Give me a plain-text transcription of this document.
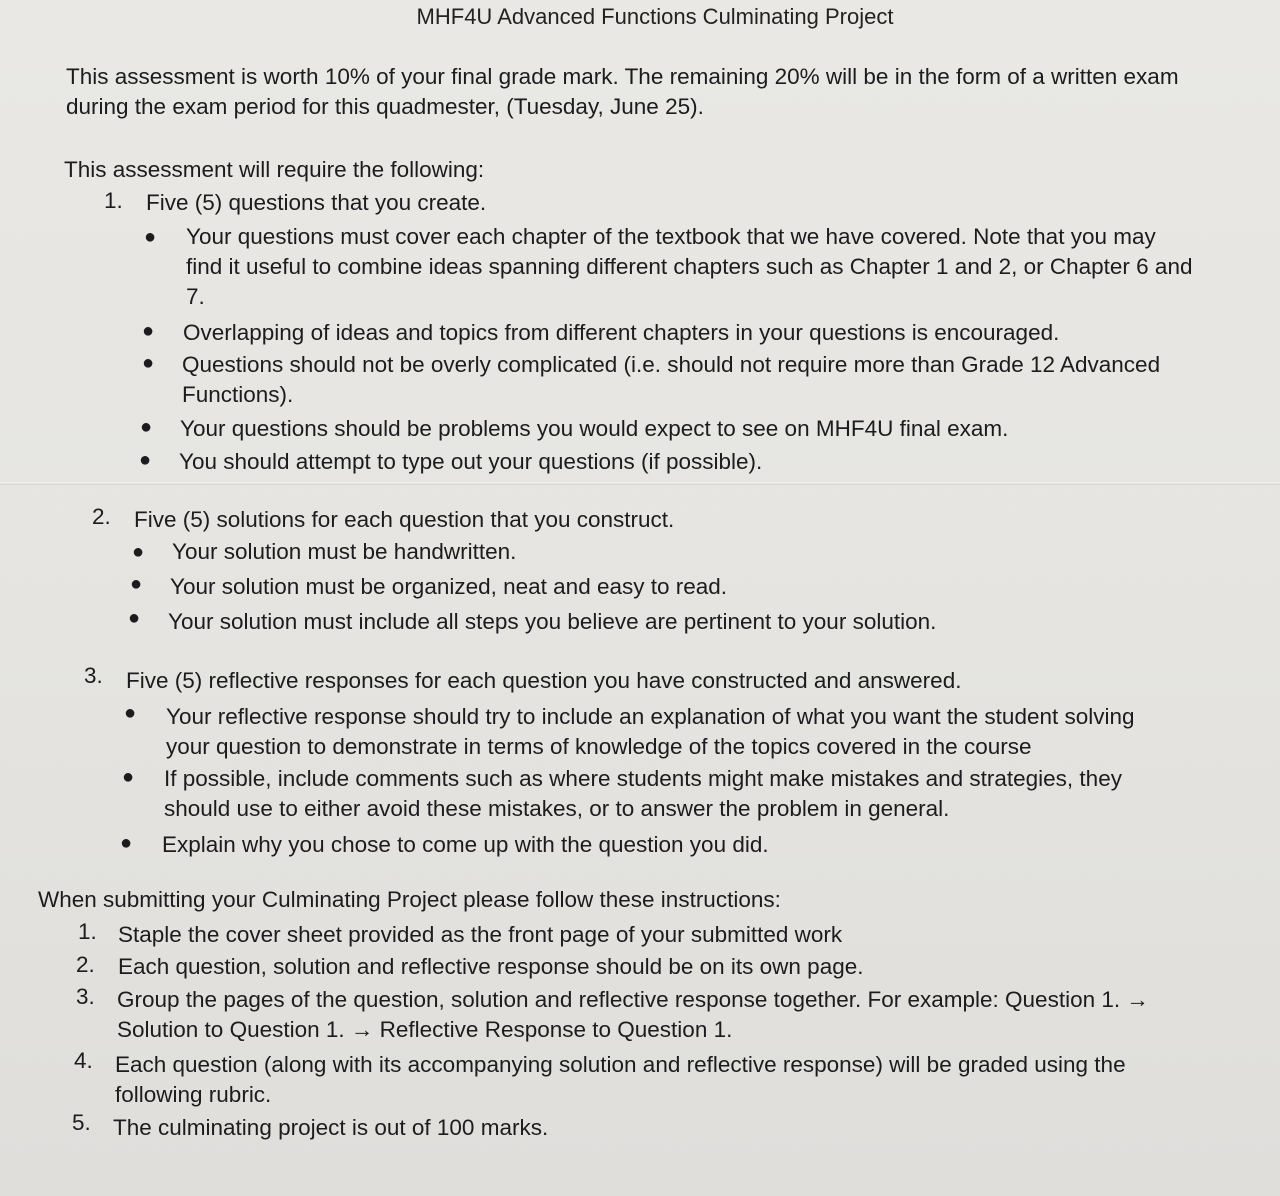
MHF4U Advanced Functions Culminating Project
This assessment is worth 10% of your final grade mark. The remaining 20% will be in the form of a written exam
during the exam period for this quadmester, (Tuesday, June 25).
This assessment will require the following:
1. Five (5) questions that you create.
● Your questions must cover each chapter of the textbook that we have covered. Note that you may
find it useful to combine ideas spanning different chapters such as Chapter 1 and 2, or Chapter 6 and
7.
● Overlapping of ideas and topics from different chapters in your questions is encouraged.
● Questions should not be overly complicated (i.e. should not require more than Grade 12 Advanced
Functions).
● Your questions should be problems you would expect to see on MHF4U final exam.
● You should attempt to type out your questions (if possible).
2. Five (5) solutions for each question that you construct.
● Your solution must be handwritten.
● Your solution must be organized, neat and easy to read.
● Your solution must include all steps you believe are pertinent to your solution.
3. Five (5) reflective responses for each question you have constructed and answered.
● Your reflective response should try to include an explanation of what you want the student solving
your question to demonstrate in terms of knowledge of the topics covered in the course
● If possible, include comments such as where students might make mistakes and strategies, they
should use to either avoid these mistakes, or to answer the problem in general.
● Explain why you chose to come up with the question you did.
When submitting your Culminating Project please follow these instructions:
1. Staple the cover sheet provided as the front page of your submitted work
2. Each question, solution and reflective response should be on its own page.
3. Group the pages of the question, solution and reflective response together. For example: Question 1. →
Solution to Question 1. → Reflective Response to Question 1.
4. Each question (along with its accompanying solution and reflective response) will be graded using the
following rubric.
5. The culminating project is out of 100 marks.
